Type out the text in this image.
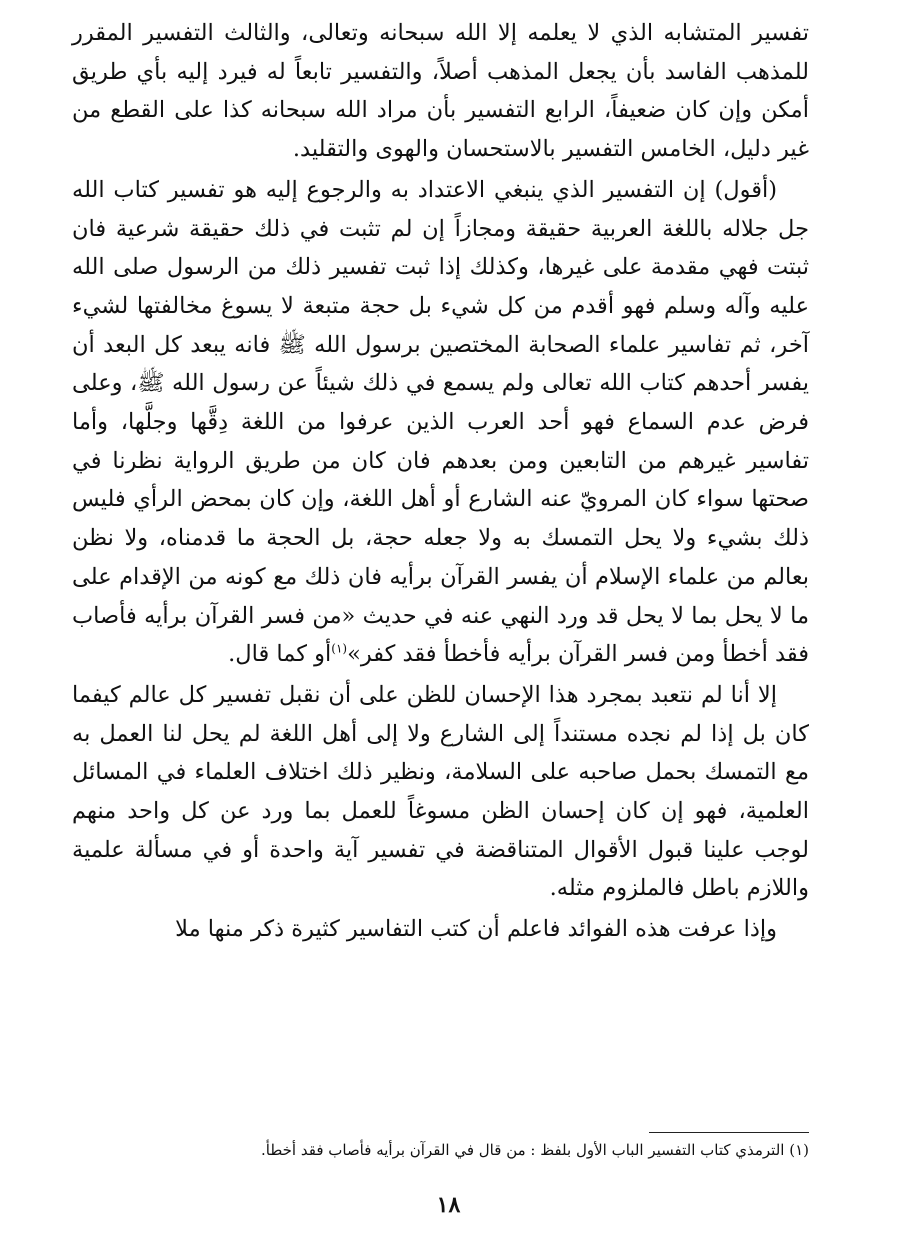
تفسير المتشابه الذي لا يعلمه إلا الله سبحانه وتعالى، والثالث التفسير المقرر للمذهب الفاسد بأن يجعل المذهب أصلاً، والتفسير تابعاً له فيرد إليه بأي طريق أمكن وإن كان ضعيفاً، الرابع التفسير بأن مراد الله سبحانه كذا على القطع من غير دليل، الخامس التفسير بالاستحسان والهوى والتقليد.

(أقول) إن التفسير الذي ينبغي الاعتداد به والرجوع إليه هو تفسير كتاب الله جل جلاله باللغة العربية حقيقة ومجازاً إن لم تثبت في ذلك حقيقة شرعية فان ثبتت فهي مقدمة على غيرها، وكذلك إذا ثبت تفسير ذلك من الرسول صلى الله عليه وآله وسلم فهو أقدم من كل شيء بل حجة متبعة لا يسوغ مخالفتها لشيء آخر، ثم تفاسير علماء الصحابة المختصين برسول الله ﷺ فانه يبعد كل البعد أن يفسر أحدهم كتاب الله تعالى ولم يسمع في ذلك شيئاً عن رسول الله ﷺ، وعلى فرض عدم السماع فهو أحد العرب الذين عرفوا من اللغة دِقَّها وجلَّها، وأما تفاسير غيرهم من التابعين ومن بعدهم فان كان من طريق الرواية نظرنا في صحتها سواء كان المرويّ عنه الشارع أو أهل اللغة، وإن كان بمحض الرأي فليس ذلك بشيء ولا يحل التمسك به ولا جعله حجة، بل الحجة ما قدمناه، ولا نظن بعالم من علماء الإسلام أن يفسر القرآن برأيه فان ذلك مع كونه من الإقدام على ما لا يحل بما لا يحل قد ورد النهي عنه في حديث «من فسر القرآن برأيه فأصاب فقد أخطأ ومن فسر القرآن برأيه فأخطأ فقد كفر»$^{(١)}$أو كما قال.

إلا أنا لم نتعبد بمجرد هذا الإحسان للظن على أن نقبل تفسير كل عالم كيفما كان بل إذا لم نجده مستنداً إلى الشارع ولا إلى أهل اللغة لم يحل لنا العمل به مع التمسك بحمل صاحبه على السلامة، ونظير ذلك اختلاف العلماء في المسائل العلمية، فهو إن كان إحسان الظن مسوغاً للعمل بما ورد عن كل واحد منهم لوجب علينا قبول الأقوال المتناقضة في تفسير آية واحدة أو في مسألة علمية واللازم باطل فالملزوم مثله.

وإذا عرفت هذه الفوائد فاعلم أن كتب التفاسير كثيرة ذكر منها ملا

(١) الترمذي كتاب التفسير الباب الأول بلفظ : من قال في القرآن برأيه فأصاب فقد أخطأ.
١٨
